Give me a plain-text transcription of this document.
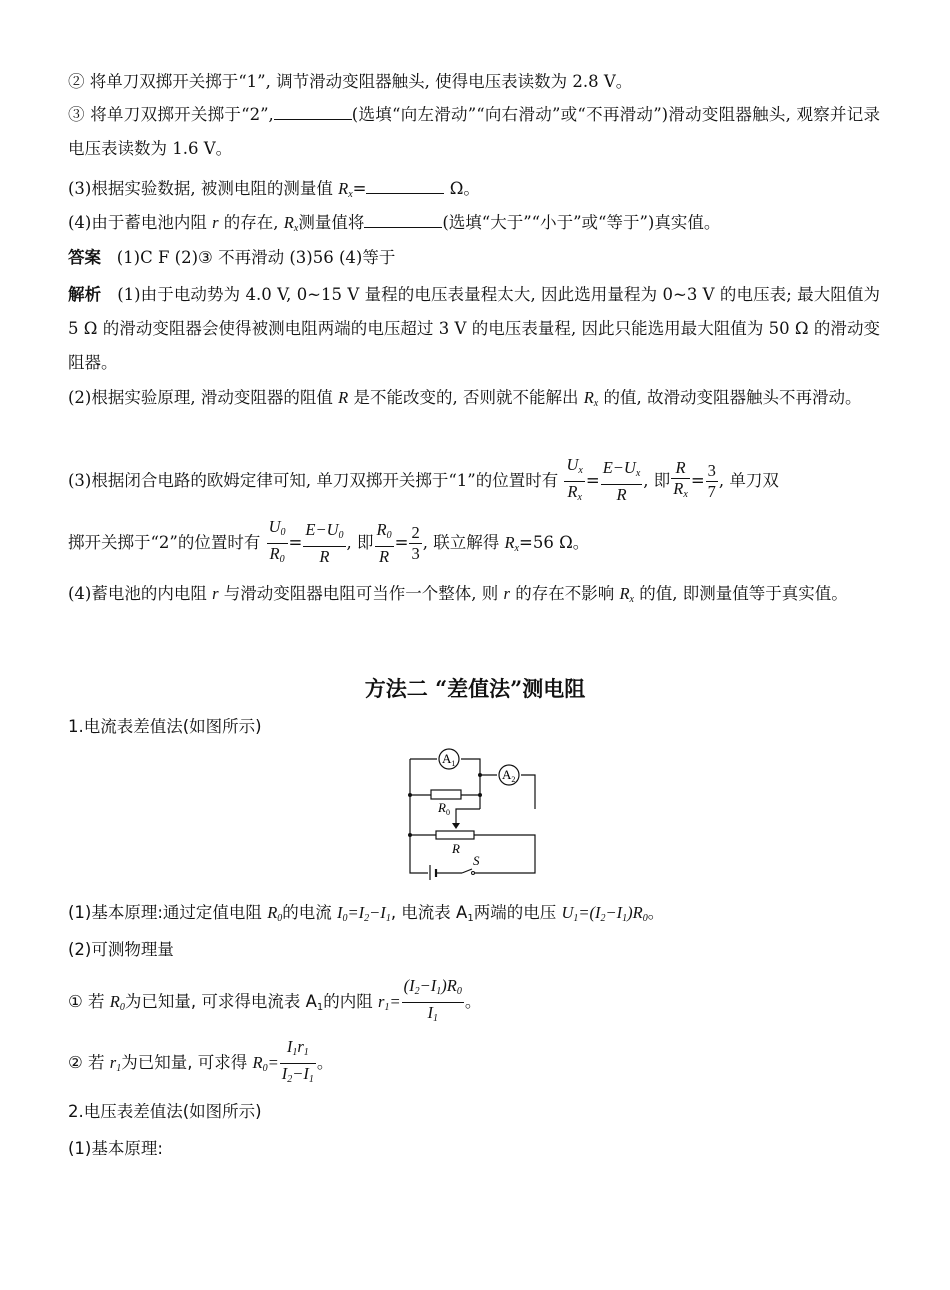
② 将单刀双掷开关掷于“1”, 调节滑动变阻器触头, 使得电压表读数为 2.8 V。
③ 将单刀双掷开关掷于“2”,	(选填“向左滑动”“向右滑动”或“不再滑动”)滑动变阻器触头, 观察并记录电压表读数为 1.6 V。
(3)根据实验数据, 被测电阻的测量值 $R_x=$	Ω。
(4)由于蓄电池内阻 r 的存在, $R_x$测量值将	(选填“大于”“小于”或“等于”)真实值。
答案 (1)C F (2)③ 不再滑动 (3)56 (4)等于
解析 (1)由于电动势为 4.0 V, 0~15 V 量程的电压表量程太大, 因此选用量程为 0~3 V 的电压表; 最大阻值为 5 Ω 的滑动变阻器会使得被测电阻两端的电压超过 3 V 的电压表量程, 因此只能选用最大阻值为 50 Ω 的滑动变阻器。
(2)根据实验原理, 滑动变阻器的阻值 R 是不能改变的, 否则就不能解出 $R_x$ 的值, 故滑动变阻器触头不再滑动。
(3)根据闭合电路的欧姆定律可知, 单刀双掷开关掷于“1”的位置时有 $\frac{U_x}{R_x} = \frac{E-U_x}{R}$ , 即 $\frac{R}{R_x} = \frac{3}{7}$ , 单刀双
掷开关掷于“2”的位置时有 $\frac{U_0}{R_0} = \frac{E-U_0}{R}$ , 即 $\frac{R_0}{R} = \frac{2}{3}$ , 联立解得 $R_x=56$ Ω。
(4)蓄电池的内电阻 r 与滑动变阻器电阻可当作一个整体, 则 r 的存在不影响 $R_x$ 的值, 即测量值等于真实值。
方法二 “差值法”测电阻
1.电流表差值法(如图所示)
$A_1$
$A_2$
$R_0$
R
S
(1)基本原理:通过定值电阻 $R_0$的电流 $I_0=I_2-I_1$, 电流表 $A_1$两端的电压 $U_1=(I_2-I_1)R_0$。
(2)可测物理量
① 若 $R_0$为已知量, 可求得电流表 $A_1$的内阻 $r_1= \frac{(I_2-I_1)R_0}{I_1}$ 。
② 若 $r_1$为已知量, 可求得 $R_0= \frac{I_1r_1}{I_2-I_1}$ 。
2.电压表差值法(如图所示)
(1)基本原理:
